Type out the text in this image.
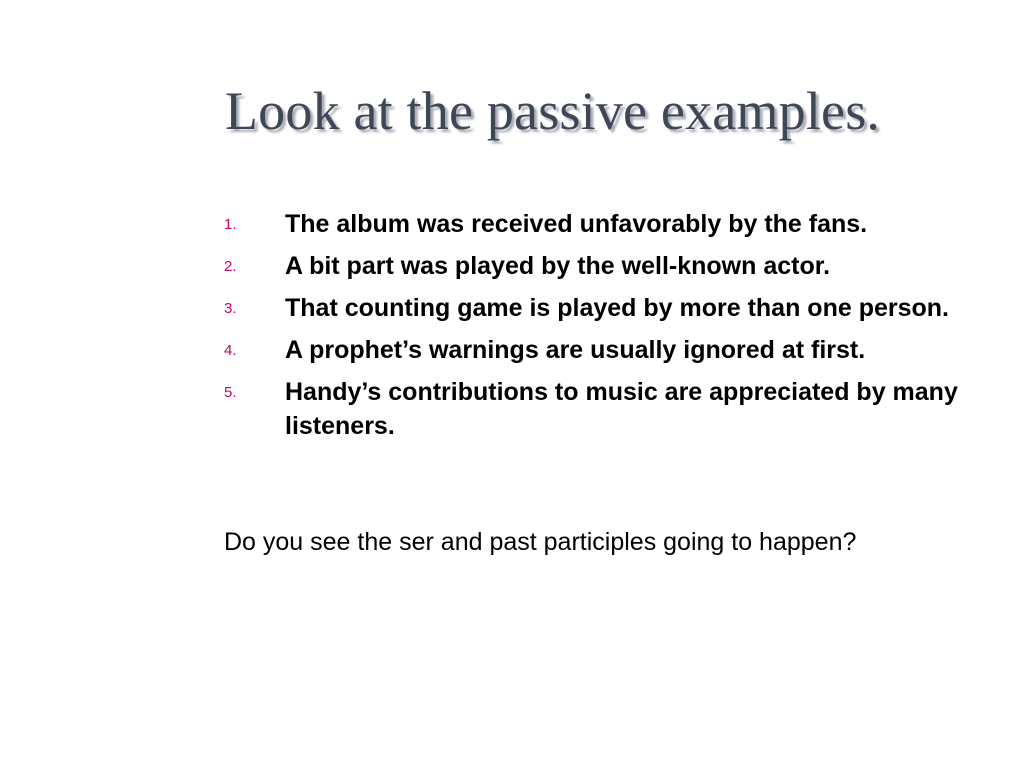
Look at the passive examples.
1. The album was received unfavorably by the fans.
2. A bit part was played by the well-known actor.
3. That counting game is played by more than one person.
4. A prophet’s warnings are usually ignored at first.
5. Handy’s contributions to music are appreciated by many listeners.
Do you see the ser and past participles going to happen?
